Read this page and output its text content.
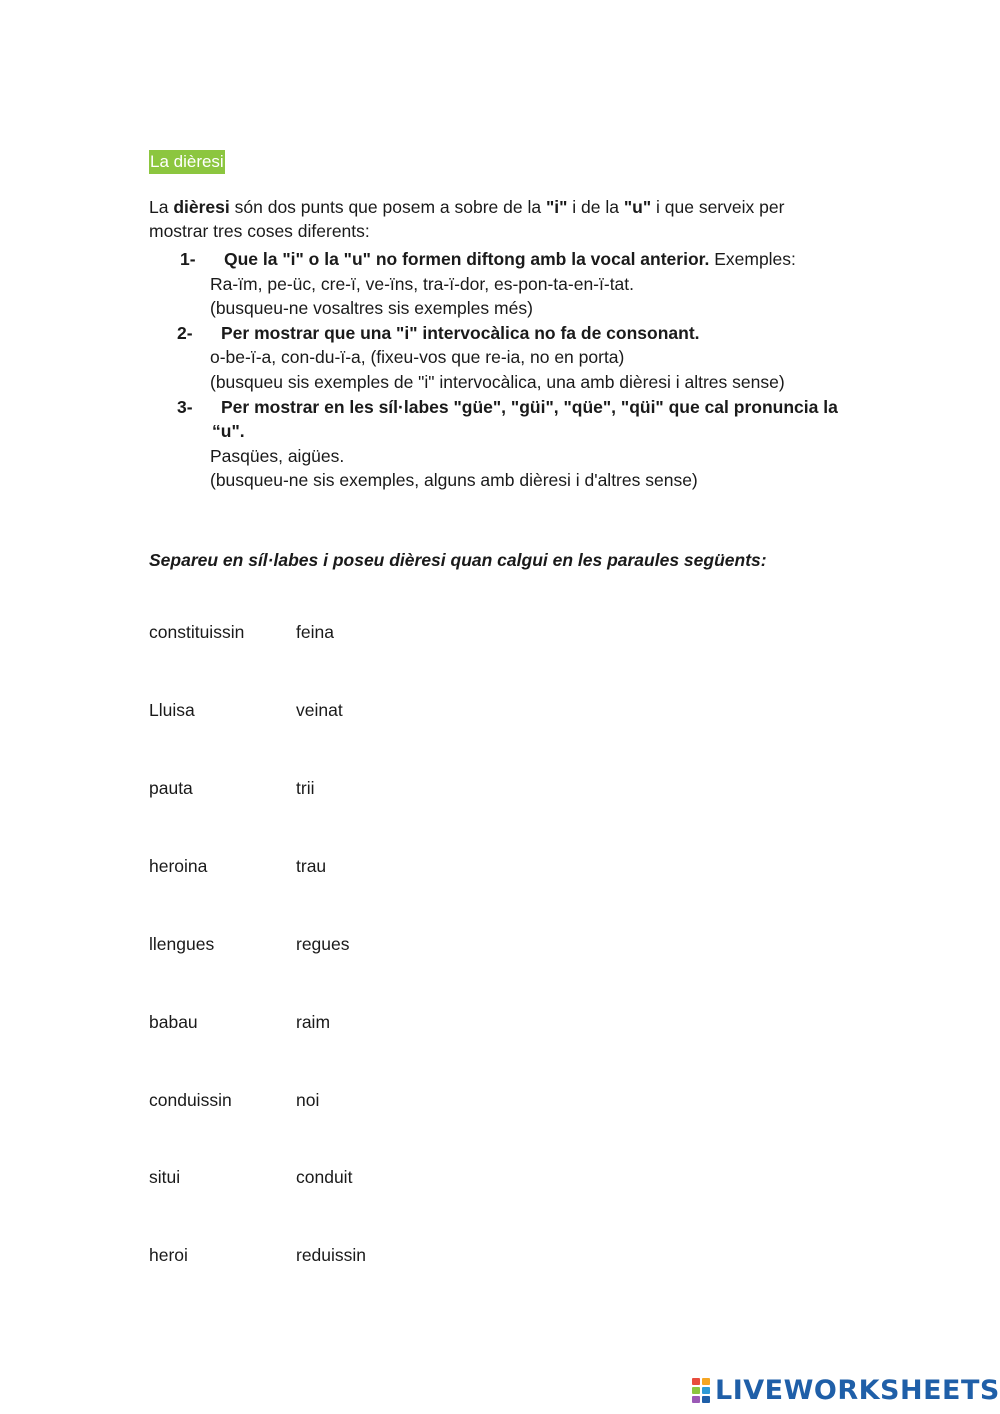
La dièresi
La dièresi són dos punts que posem a sobre de la "i" i de la "u" i que serveix per
mostrar tres coses diferents:
1- Que la "i" o la "u" no formen diftong amb la vocal anterior. Exemples:
Ra-ïm, pe-üc, cre-ï, ve-ïns, tra-ï-dor, es-pon-ta-en-ï-tat.
(busqueu-ne vosaltres sis exemples més)
2- Per mostrar que una "i" intervocàlica no fa de consonant.
o-be-ï-a, con-du-ï-a, (fixeu-vos que re-ia, no en porta)
(busqueu sis exemples de "i" intervocàlica, una amb dièresi i altres sense)
3- Per mostrar en les síl·labes "güe", "güi", "qüe", "qüi" que cal pronuncia la
“u".
Pasqües, aigües.
(busqueu-ne sis exemples, alguns amb dièresi i d'altres sense)
Separeu en síl·labes i poseu dièresi quan calgui en les paraules següents:
constituissin	feina
Lluisa	veinat
pauta	trii
heroina	trau
llengues	regues
babau	raim
conduissin	noi
situi	conduit
heroi	reduissin
LIVEWORKSHEETS
